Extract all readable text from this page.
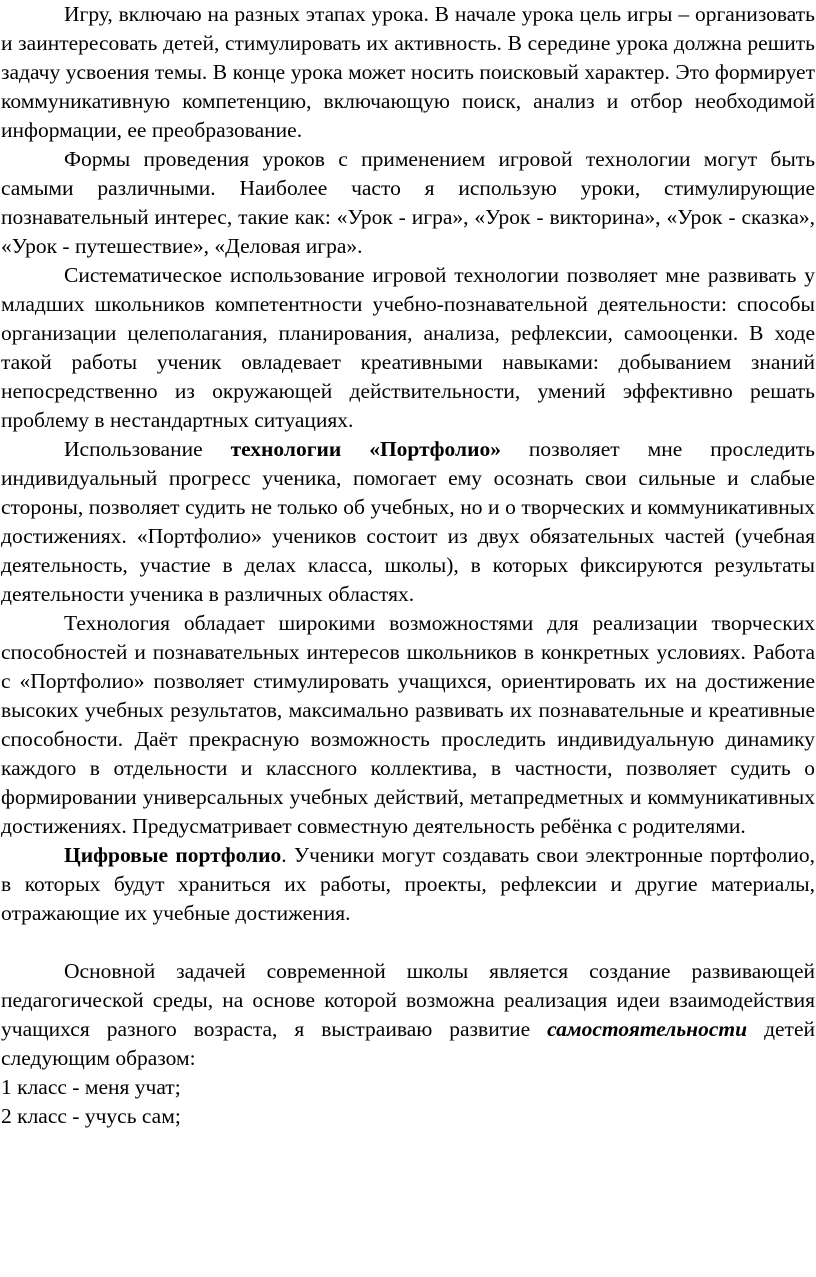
Игру, включаю на разных этапах урока. В начале урока цель игры – организовать и заинтересовать детей, стимулировать их активность. В середине урока должна решить задачу усвоения темы. В конце урока может носить поисковый характер. Это формирует коммуникативную компетенцию, включающую поиск, анализ и отбор необходимой информации, ее преобразование.

Формы проведения уроков с применением игровой технологии могут быть самыми различными. Наиболее часто я использую уроки, стимулирующие познавательный интерес, такие как: «Урок - игра», «Урок - викторина», «Урок - сказка», «Урок - путешествие», «Деловая игра».

Систематическое использование игровой технологии позволяет мне развивать у младших школьников компетентности учебно-познавательной деятельности: способы организации целеполагания, планирования, анализа, рефлексии, самооценки. В ходе такой работы ученик овладевает креативными навыками: добыванием знаний непосредственно из окружающей действительности, умений эффективно решать проблему в нестандартных ситуациях.

Использование технологии «Портфолио» позволяет мне проследить индивидуальный прогресс ученика, помогает ему осознать свои сильные и слабые стороны, позволяет судить не только об учебных, но и о творческих и коммуникативных достижениях. «Портфолио» учеников состоит из двух обязательных частей (учебная деятельность, участие в делах класса, школы), в которых фиксируются результаты деятельности ученика в различных областях.

Технология обладает широкими возможностями для реализации творческих способностей и познавательных интересов школьников в конкретных условиях. Работа с «Портфолио» позволяет стимулировать учащихся, ориентировать их на достижение высоких учебных результатов, максимально развивать их познавательные и креативные способности. Даёт прекрасную возможность проследить индивидуальную динамику каждого в отдельности и классного коллектива, в частности, позволяет судить о формировании универсальных учебных действий, метапредметных и коммуникативных достижениях. Предусматривает совместную деятельность ребёнка с родителями.

Цифровые портфолио. Ученики могут создавать свои электронные портфолио, в которых будут храниться их работы, проекты, рефлексии и другие материалы, отражающие их учебные достижения.

Основной задачей современной школы является создание развивающей педагогической среды, на основе которой возможна реализация идеи взаимодействия учащихся разного возраста, я выстраиваю развитие самостоятельности детей следующим образом:

1 класс - меня учат;

2 класс - учусь сам;
